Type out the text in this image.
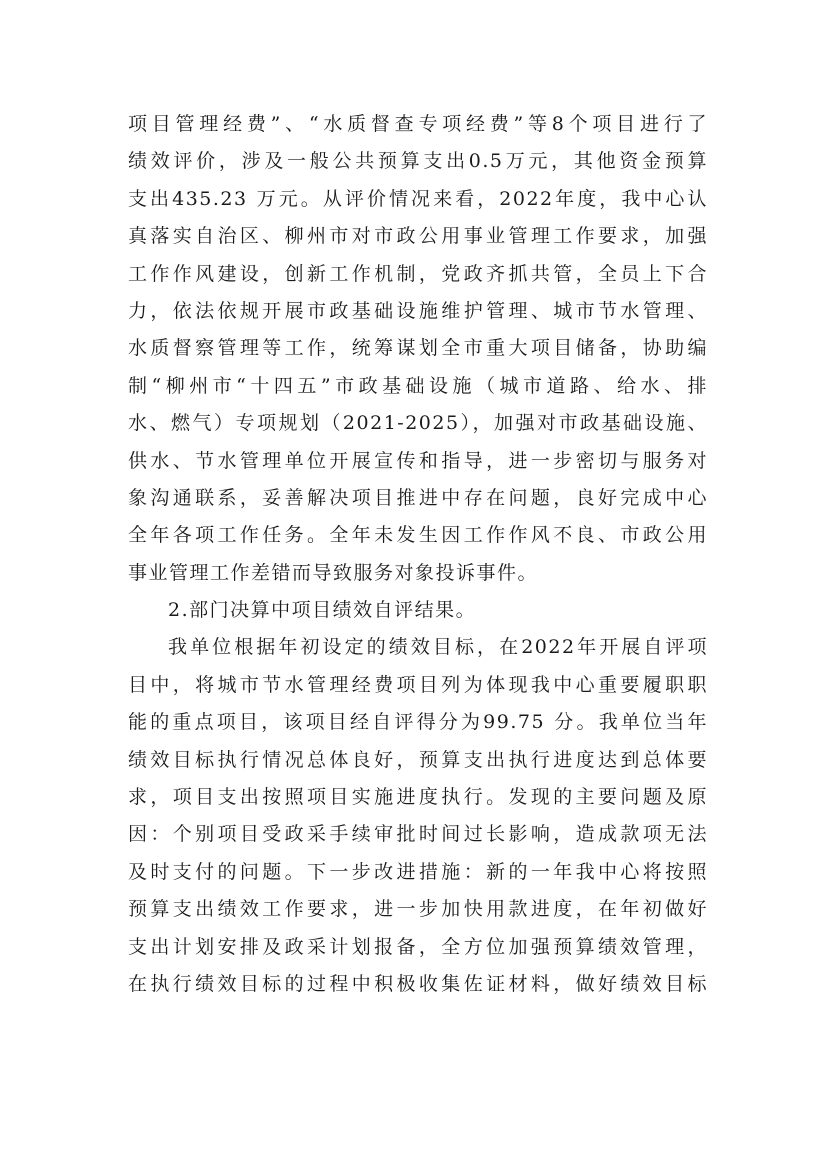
项目管理经费”、“水质督查专项经费”等8个项目进行了
绩效评价，涉及一般公共预算支出0.5万元，其他资金预算
支出435.23 万元。从评价情况来看，2022年度，我中心认
真落实自治区、柳州市对市政公用事业管理工作要求，加强
工作作风建设，创新工作机制，党政齐抓共管，全员上下合
力，依法依规开展市政基础设施维护管理、城市节水管理、
水质督察管理等工作，统筹谋划全市重大项目储备，协助编
制“柳州市“十四五”市政基础设施（城市道路、给水、排
水、燃气）专项规划（2021-2025），加强对市政基础设施、
供水、节水管理单位开展宣传和指导，进一步密切与服务对
象沟通联系，妥善解决项目推进中存在问题，良好完成中心
全年各项工作任务。全年未发生因工作作风不良、市政公用
事业管理工作差错而导致服务对象投诉事件。
2.部门决算中项目绩效自评结果。
我单位根据年初设定的绩效目标，在2022年开展自评项
目中，将城市节水管理经费项目列为体现我中心重要履职职
能的重点项目，该项目经自评得分为99.75 分。我单位当年
绩效目标执行情况总体良好，预算支出执行进度达到总体要
求，项目支出按照项目实施进度执行。发现的主要问题及原
因：个别项目受政采手续审批时间过长影响，造成款项无法
及时支付的问题。下一步改进措施：新的一年我中心将按照
预算支出绩效工作要求，进一步加快用款进度，在年初做好
支出计划安排及政采计划报备，全方位加强预算绩效管理，
在执行绩效目标的过程中积极收集佐证材料，做好绩效目标
